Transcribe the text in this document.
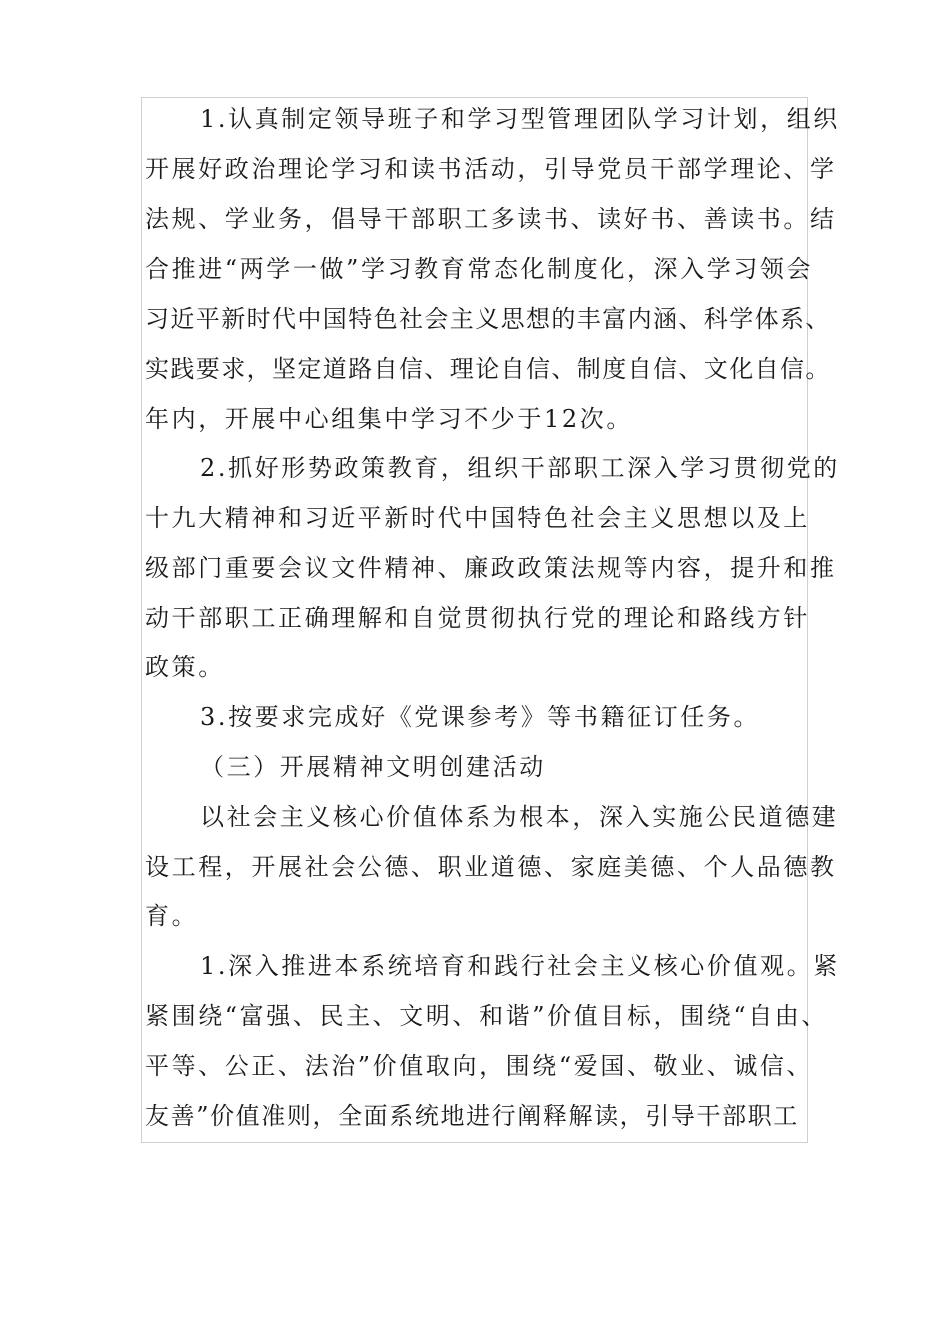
1.认真制定领导班子和学习型管理团队学习计划，组织
开展好政治理论学习和读书活动，引导党员干部学理论、学
法规、学业务，倡导干部职工多读书、读好书、善读书。结
合推进“两学一做”学习教育常态化制度化，深入学习领会
习近平新时代中国特色社会主义思想的丰富内涵、科学体系、
实践要求，坚定道路自信、理论自信、制度自信、文化自信。
年内，开展中心组集中学习不少于12次。
2.抓好形势政策教育，组织干部职工深入学习贯彻党的
十九大精神和习近平新时代中国特色社会主义思想以及上
级部门重要会议文件精神、廉政政策法规等内容，提升和推
动干部职工正确理解和自觉贯彻执行党的理论和路线方针
政策。
3.按要求完成好《党课参考》等书籍征订任务。
（三）开展精神文明创建活动
以社会主义核心价值体系为根本，深入实施公民道德建
设工程，开展社会公德、职业道德、家庭美德、个人品德教
育。
1.深入推进本系统培育和践行社会主义核心价值观。紧
紧围绕“富强、民主、文明、和谐”价值目标，围绕“自由、
平等、公正、法治”价值取向，围绕“爱国、敬业、诚信、
友善”价值准则，全面系统地进行阐释解读，引导干部职工
